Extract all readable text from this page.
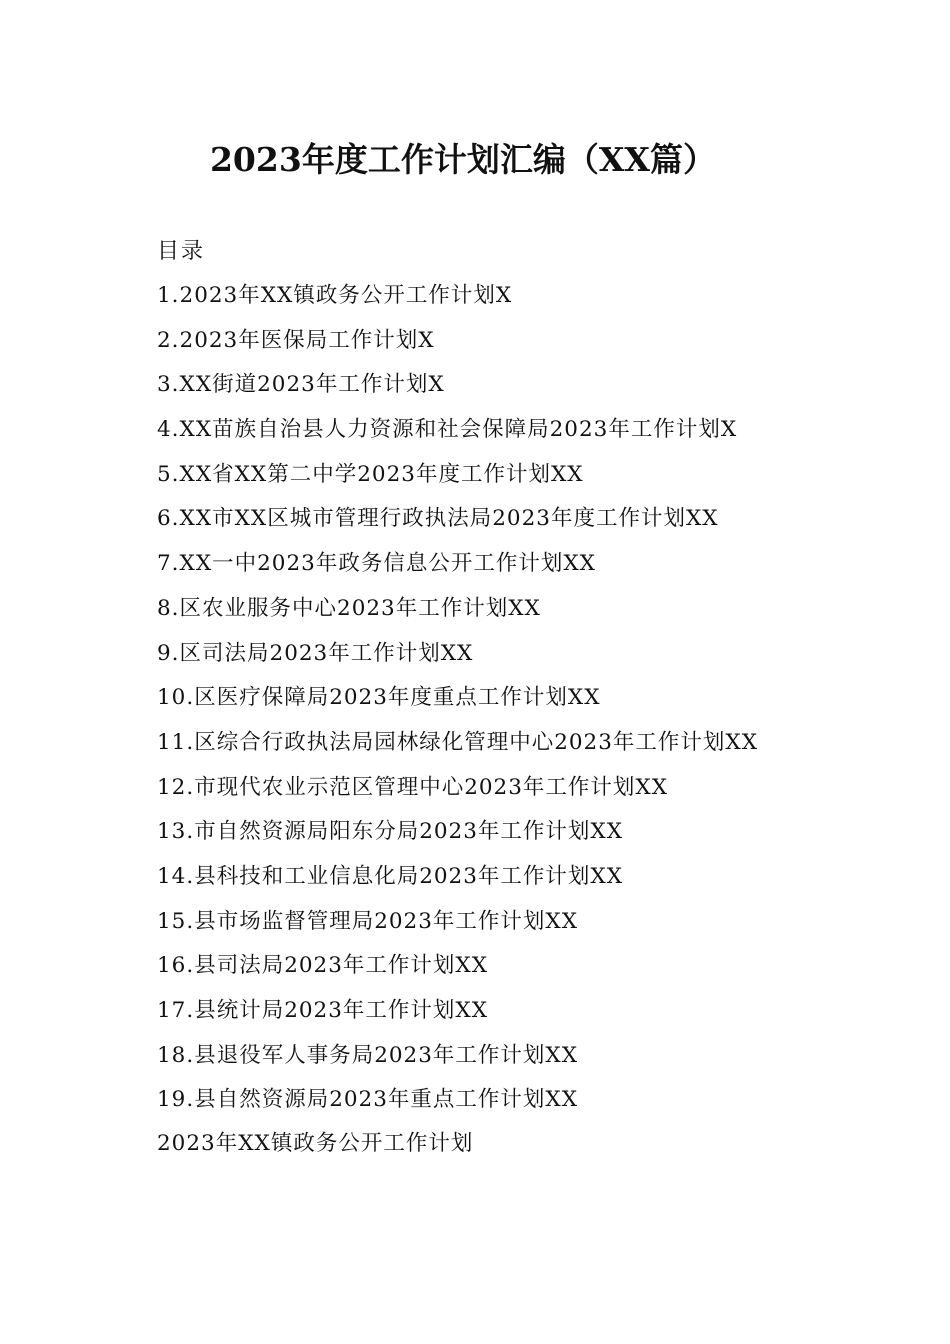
2023年度工作计划汇编（XX篇）

目录

1.2023年XX镇政务公开工作计划X
2.2023年医保局工作计划X
3.XX街道2023年工作计划X
4.XX苗族自治县人力资源和社会保障局2023年工作计划X
5.XX省XX第二中学2023年度工作计划XX
6.XX市XX区城市管理行政执法局2023年度工作计划XX
7.XX一中2023年政务信息公开工作计划XX
8.区农业服务中心2023年工作计划XX
9.区司法局2023年工作计划XX
10.区医疗保障局2023年度重点工作计划XX
11.区综合行政执法局园林绿化管理中心2023年工作计划XX
12.市现代农业示范区管理中心2023年工作计划XX
13.市自然资源局阳东分局2023年工作计划XX
14.县科技和工业信息化局2023年工作计划XX
15.县市场监督管理局2023年工作计划XX
16.县司法局2023年工作计划XX
17.县统计局2023年工作计划XX
18.县退役军人事务局2023年工作计划XX
19.县自然资源局2023年重点工作计划XX

2023年XX镇政务公开工作计划
